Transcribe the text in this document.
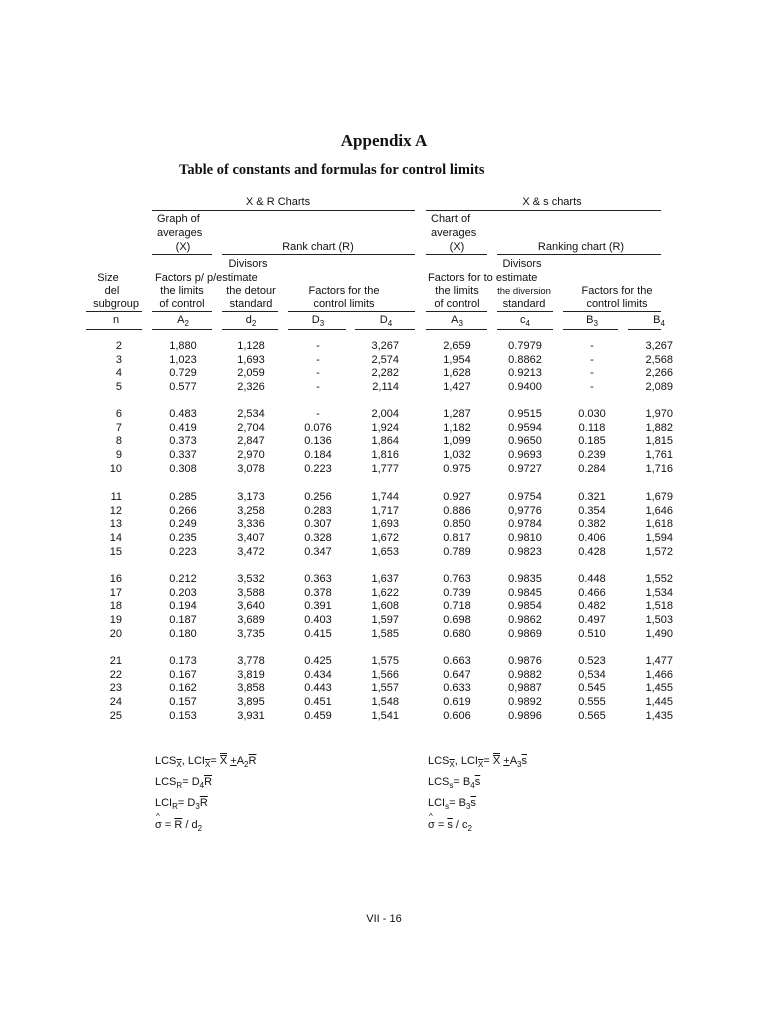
Appendix A
Table of constants and formulas for control limits
X & R Charts	X & s charts
Graph of
averages
(X)	Rank chart (R)
Chart of
averages
(X)	Ranking chart (R)
Divisors	Divisors
Size
del
subgroup
Factors p/ p/estimate
the limits
of control
the detour
standard
Factors for the
control limits
Factors for to estimate
the limits
of control
the diversion
standard
Factors for the
control limits
n	$A_2$	$d_2$	$D_3$	$D_4$	$A_3$	$c_4$	$B_3$	$B_4$
2	1,880	1,128	-	3,267	2,659	0.7979	-	3,267
3	1,023	1,693	-	2,574	1,954	0.8862	-	2,568
4	0.729	2,059	-	2,282	1,628	0.9213	-	2,266
5	0.577	2,326	-	2,114	1,427	0.9400	-	2,089
6	0.483	2,534	-	2,004	1,287	0.9515	0.030	1,970
7	0.419	2,704	0.076	1,924	1,182	0.9594	0.118	1,882
8	0.373	2,847	0.136	1,864	1,099	0.9650	0.185	1,815
9	0.337	2,970	0.184	1,816	1,032	0.9693	0.239	1,761
10	0.308	3,078	0.223	1,777	0.975	0.9727	0.284	1,716
11	0.285	3,173	0.256	1,744	0.927	0.9754	0.321	1,679
12	0.266	3,258	0.283	1,717	0.886	0,9776	0.354	1,646
13	0.249	3,336	0.307	1,693	0.850	0.9784	0.382	1,618
14	0.235	3,407	0.328	1,672	0.817	0.9810	0.406	1,594
15	0.223	3,472	0.347	1,653	0.789	0.9823	0.428	1,572
16	0.212	3,532	0.363	1,637	0.763	0.9835	0.448	1,552
17	0.203	3,588	0.378	1,622	0.739	0.9845	0.466	1,534
18	0.194	3,640	0.391	1,608	0.718	0.9854	0.482	1,518
19	0.187	3,689	0.403	1,597	0.698	0.9862	0.497	1,503
20	0.180	3,735	0.415	1,585	0.680	0.9869	0.510	1,490
21	0.173	3,778	0.425	1,575	0.663	0.9876	0.523	1,477
22	0.167	3,819	0.434	1,566	0.647	0.9882	0,534	1,466
23	0.162	3,858	0.443	1,557	0.633	0,9887	0.545	1,455
24	0.157	3,895	0.451	1,548	0.619	0.9892	0.555	1,445
25	0.153	3,931	0.459	1,541	0.606	0.9896	0.565	1,435
$LCS_{\overline{X}}$, $LCI_{\overline{X}}= X +A_2\overline{R}$
$LCS_R= D_4\overline{R}$
$LCI_R= D_3\overline{R}$
^ $\sigma = \overline{R} / d_2$
$LCS_{\overline{X}}$, $LCI_{\overline{X}}= X +A_3\overline{s}$
$LCS_s= B_4\overline{s}$
$LCI_s= B_3\overline{s}$
^ $\sigma = \overline{s} / c_2$
VII - 16
